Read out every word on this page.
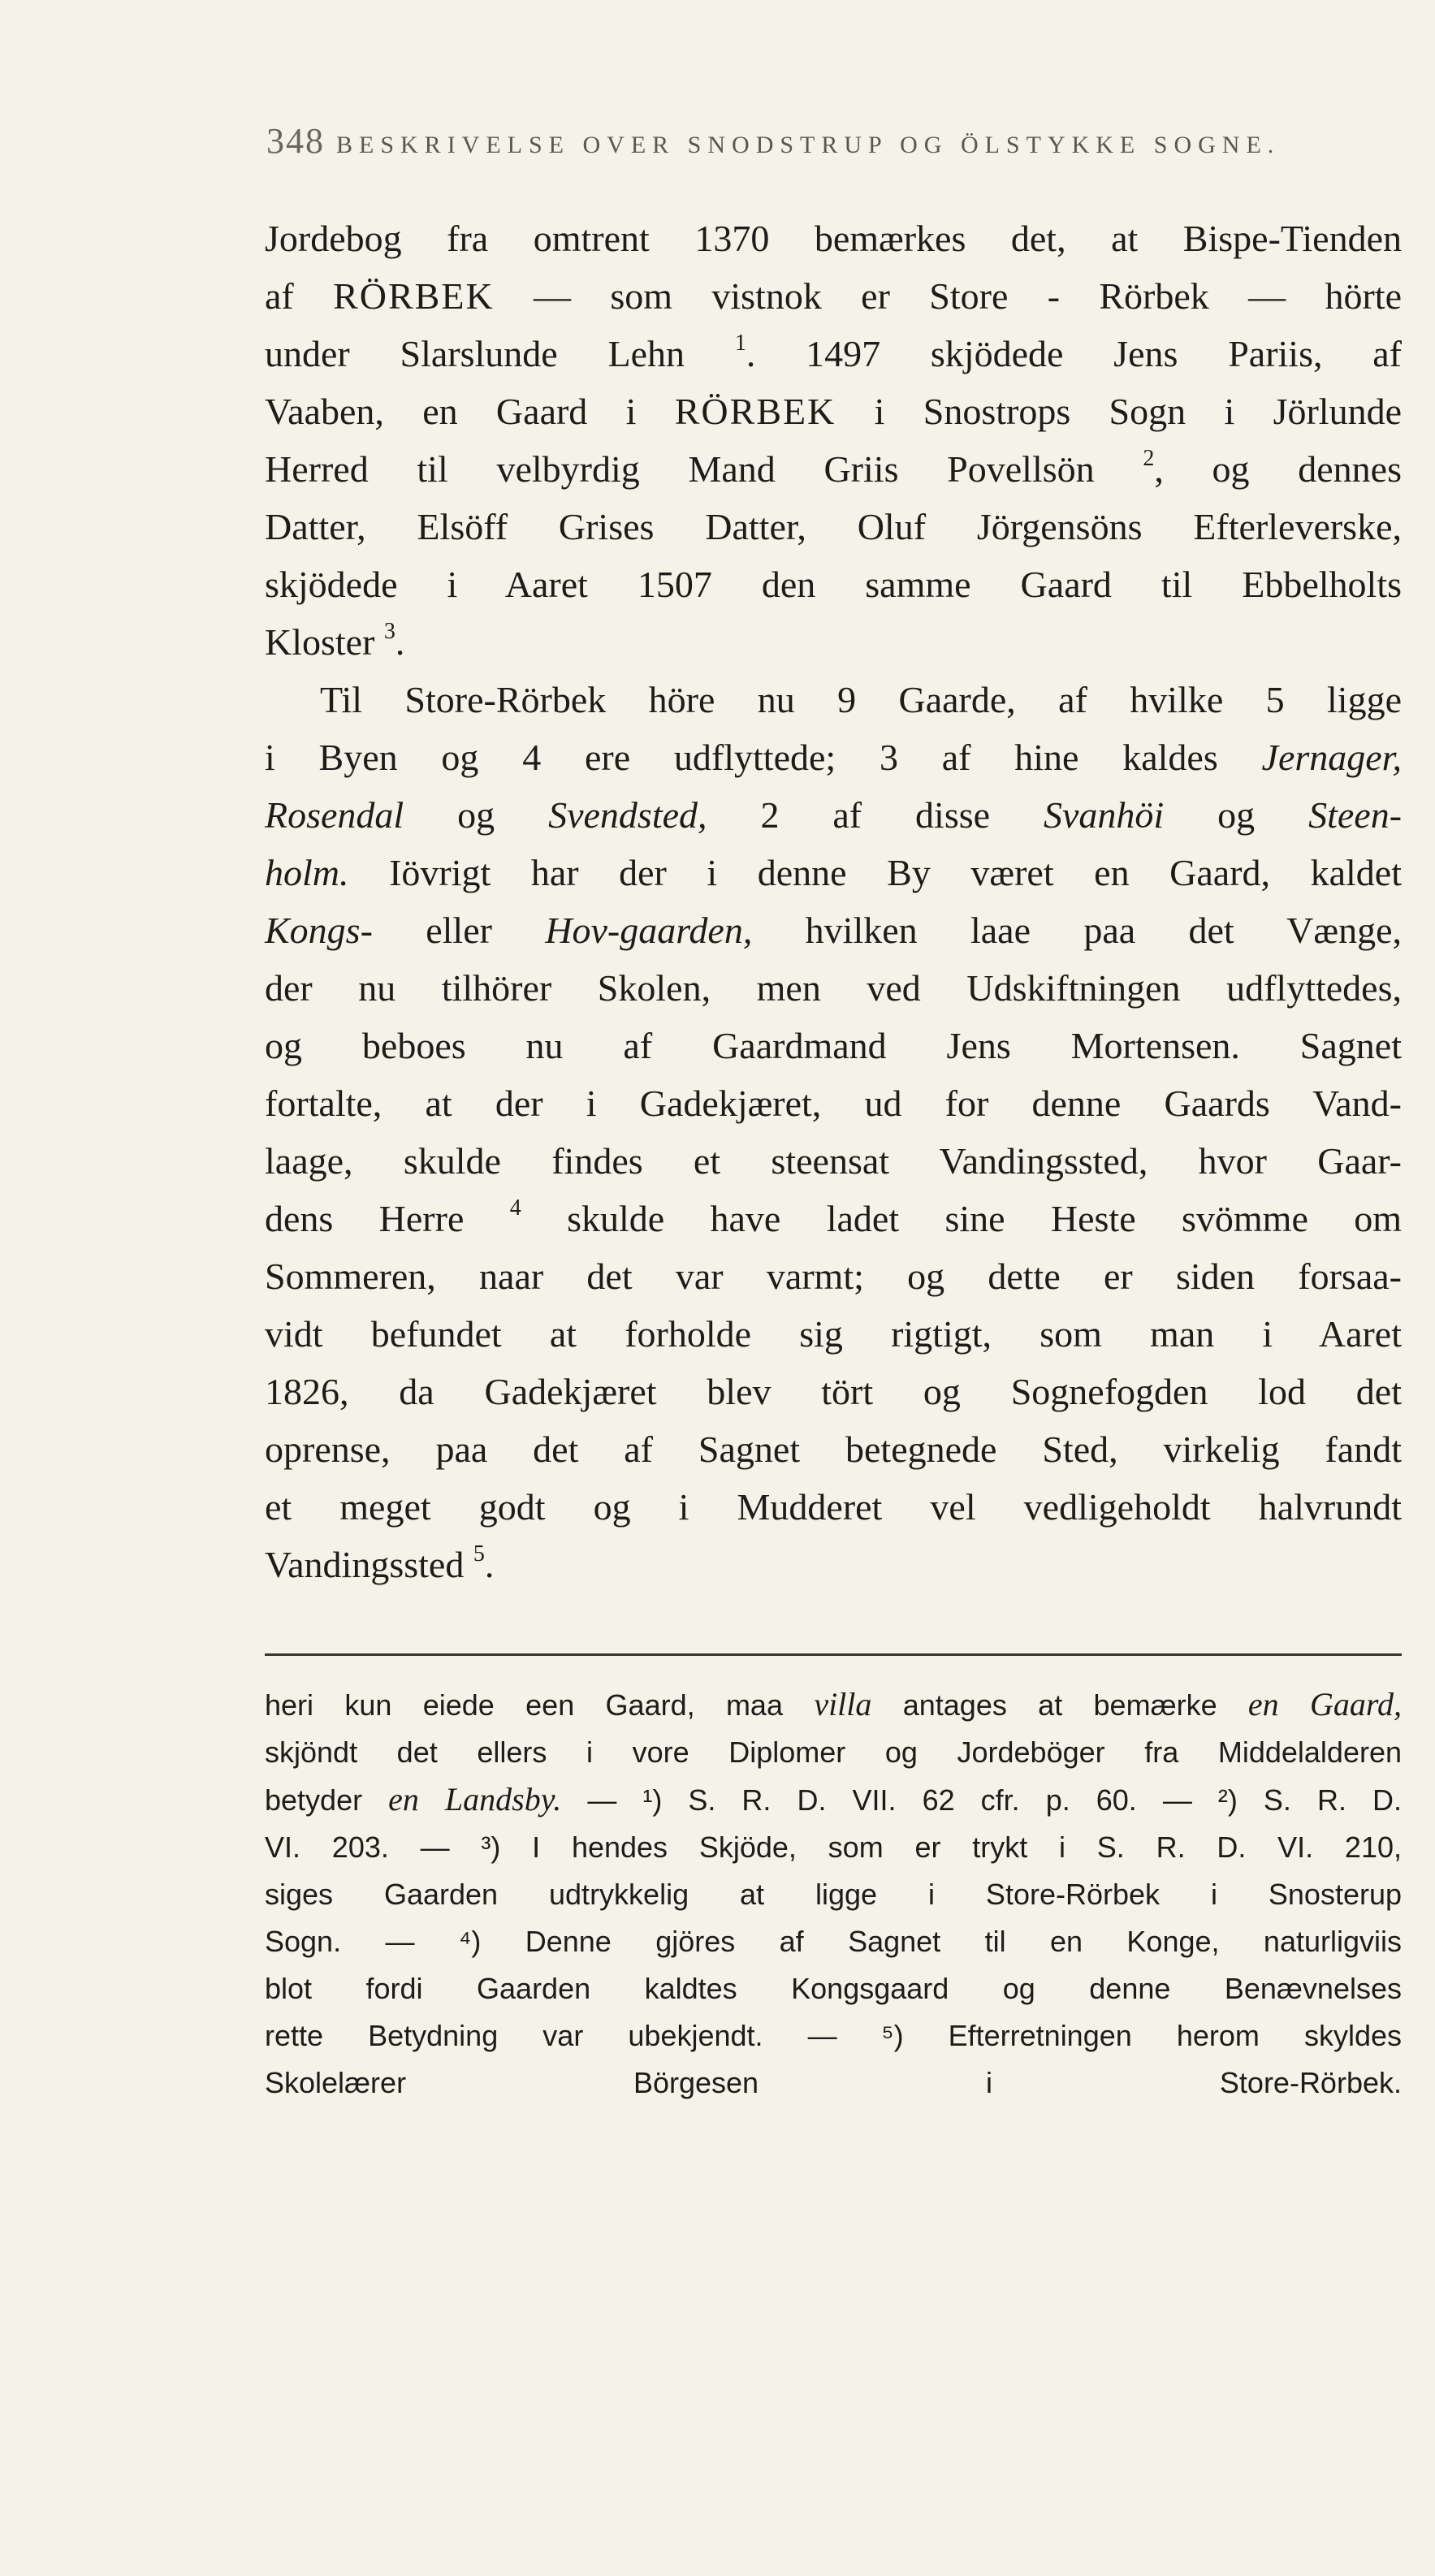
348 BESKRIVELSE OVER SNODSTRUP OG ÖLSTYKKE SOGNE.

Jordebog fra omtrent 1370 bemærkes det, at Bispe-Tienden
af RÖRBEK — som vistnok er Store - Rörbek — hörte
under Slarslunde Lehn $^1$. 1497 skjödede Jens Pariis, af
Vaaben, en Gaard i RÖRBEK i Snostrops Sogn i Jörlunde
Herred til velbyrdig Mand Griis Povellsön $^2$, og dennes
Datter, Elsöff Grises Datter, Oluf Jörgensöns Efterleverske,
skjödede i Aaret 1507 den samme Gaard til Ebbelholts
Kloster $^3$.

Til Store-Rörbek höre nu 9 Gaarde, af hvilke 5 ligge
i Byen og 4 ere udflyttede; 3 af hine kaldes Jernager,
Rosendal og Svendsted, 2 af disse Svanhöi og Steen-
holm. Iövrigt har der i denne By været en Gaard, kaldet
Kongs- eller Hov-gaarden, hvilken laae paa det Vænge,
der nu tilhörer Skolen, men ved Udskiftningen udflyttedes,
og beboes nu af Gaardmand Jens Mortensen. Sagnet
fortalte, at der i Gadekjæret, ud for denne Gaards Vand-
laage, skulde findes et steensat Vandingssted, hvor Gaar-
dens Herre $^4$ skulde have ladet sine Heste svömme om
Sommeren, naar det var varmt; og dette er siden forsaa-
vidt befundet at forholde sig rigtigt, som man i Aaret
1826, da Gadekjæret blev tört og Sognefogden lod det
oprense, paa det af Sagnet betegnede Sted, virkelig fandt
et meget godt og i Mudderet vel vedligeholdt halvrundt
Vandingssted $^5$.

heri kun eiede een Gaard, maa villa antages at bemærke en Gaard,
skjöndt det ellers i vore Diplomer og Jordeböger fra Middelalderen
betyder en Landsby. — ¹) S. R. D. VII. 62 cfr. p. 60. — ²) S. R. D.
VI. 203. — ³) I hendes Skjöde, som er trykt i S. R. D. VI. 210,
siges Gaarden udtrykkelig at ligge i Store-Rörbek i Snosterup
Sogn. — ⁴) Denne gjöres af Sagnet til en Konge, naturligviis
blot fordi Gaarden kaldtes Kongsgaard og denne Benævnelses
rette Betydning var ubekjendt. — ⁵) Efterretningen herom skyldes
Skolelærer Börgesen i Store-Rörbek.
